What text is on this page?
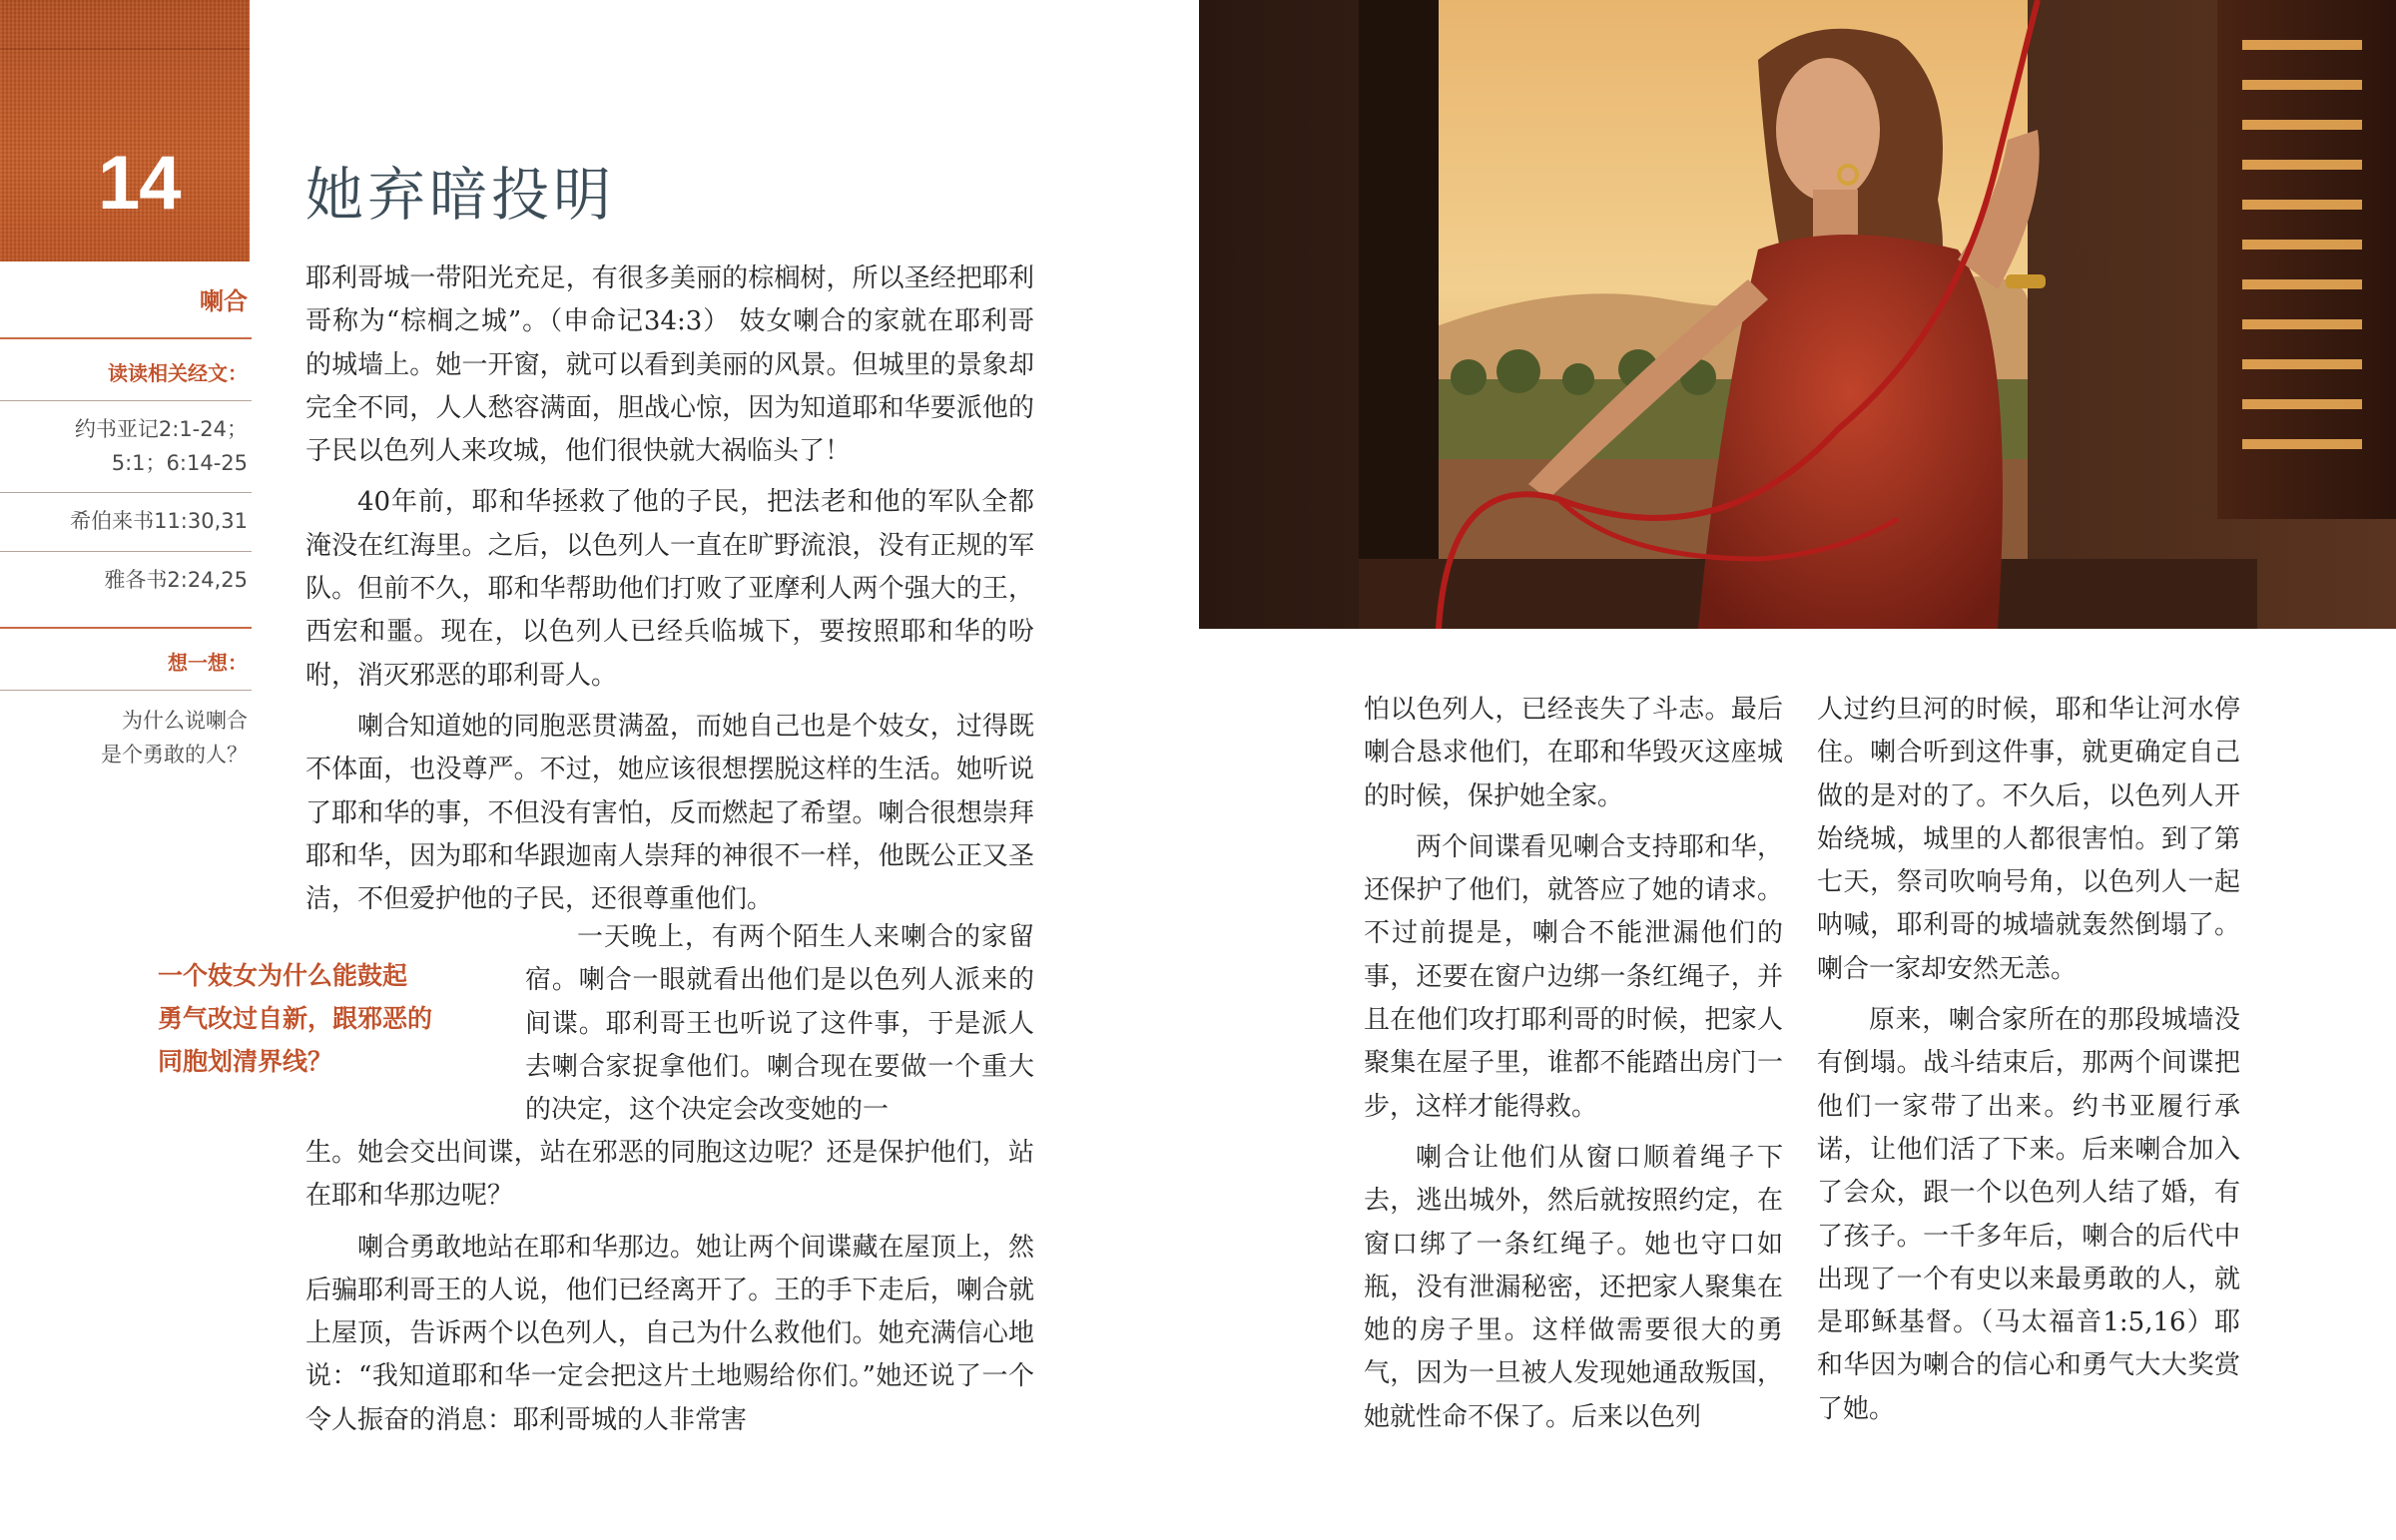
14 她弃暗投明
喇合
读读相关经文：
约书亚记2:1-24；
5:1；6:14-25
希伯来书11:30,31
雅各书2:24,25
想一想：
为什么说喇合
是个勇敢的人？

耶利哥城一带阳光充足，有很多美丽的棕榈树，所以圣经把耶利哥称为“棕榈之城”。（申命记34:3） 妓女喇合的家就在耶利哥的城墙上。她一开窗，就可以看到美丽的风景。但城里的景象却完全不同，人人愁容满面，胆战心惊，因为知道耶和华要派他的子民以色列人来攻城，他们很快就大祸临头了！

40年前，耶和华拯救了他的子民，把法老和他的军队全都淹没在红海里。之后，以色列人一直在旷野流浪，没有正规的军队。但前不久，耶和华帮助他们打败了亚摩利人两个强大的王，西宏和噩。现在，以色列人已经兵临城下，要按照耶和华的吩咐，消灭邪恶的耶利哥人。

喇合知道她的同胞恶贯满盈，而她自己也是个妓女，过得既不体面，也没尊严。不过，她应该很想摆脱这样的生活。她听说了耶和华的事，不但没有害怕，反而燃起了希望。喇合很想崇拜耶和华，因为耶和华跟迦南人崇拜的神很不一样，他既公正又圣洁，不但爱护他的子民，还很尊重他们。

一个妓女为什么能鼓起
勇气改过自新，跟邪恶的
同胞划清界线？

一天晚上，有两个陌生人来喇合的家留宿。喇合一眼就看出他们是以色列人派来的间谍。耶利哥王也听说了这件事，于是派人去喇合家捉拿他们。喇合现在要做一个重大的决定，这个决定会改变她的一

生。她会交出间谍，站在邪恶的同胞这边呢？还是保护他们，站在耶和华那边呢？

喇合勇敢地站在耶和华那边。她让两个间谍藏在屋顶上，然后骗耶利哥王的人说，他们已经离开了。王的手下走后，喇合就上屋顶，告诉两个以色列人，自己为什么救他们。她充满信心地说：“我知道耶和华一定会把这片土地赐给你们。”她还说了一个令人振奋的消息：耶利哥城的人非常害

怕以色列人，已经丧失了斗志。最后喇合恳求他们，在耶和华毁灭这座城的时候，保护她全家。

两个间谍看见喇合支持耶和华，还保护了他们，就答应了她的请求。不过前提是，喇合不能泄漏他们的事，还要在窗户边绑一条红绳子，并且在他们攻打耶利哥的时候，把家人聚集在屋子里，谁都不能踏出房门一步，这样才能得救。

喇合让他们从窗口顺着绳子下去，逃出城外，然后就按照约定，在窗口绑了一条红绳子。她也守口如瓶，没有泄漏秘密，还把家人聚集在她的房子里。这样做需要很大的勇气，因为一旦被人发现她通敌叛国，她就性命不保了。后来以色列

人过约旦河的时候，耶和华让河水停住。喇合听到这件事，就更确定自己做的是对的了。不久后，以色列人开始绕城，城里的人都很害怕。到了第七天，祭司吹响号角，以色列人一起呐喊，耶利哥的城墙就轰然倒塌了。喇合一家却安然无恙。

原来，喇合家所在的那段城墙没有倒塌。战斗结束后，那两个间谍把他们一家带了出来。约书亚履行承诺，让他们活了下来。后来喇合加入了会众，跟一个以色列人结了婚，有了孩子。一千多年后，喇合的后代中出现了一个有史以来最勇敢的人，就是耶稣基督。（马太福音1:5,16）耶和华因为喇合的信心和勇气大大奖赏了她。
